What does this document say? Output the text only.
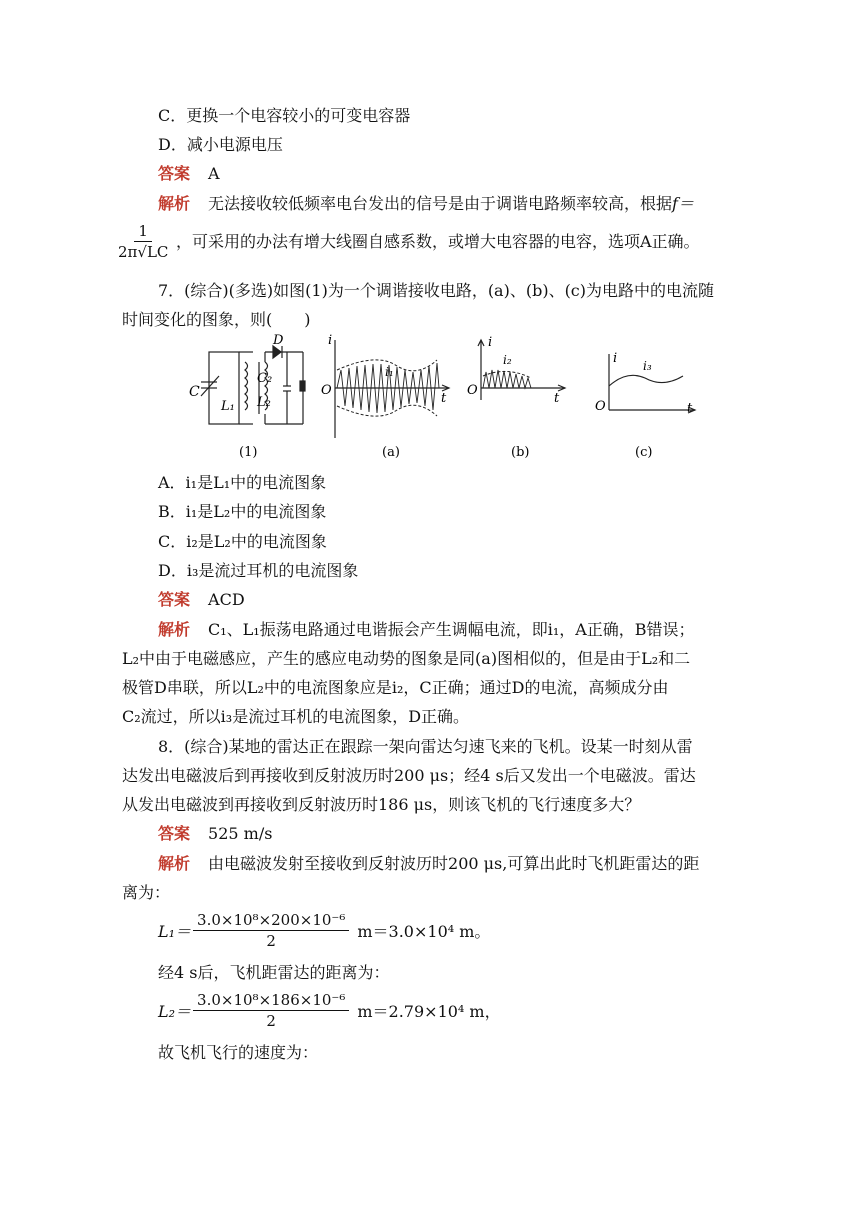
C．更换一个电容较小的可变电容器
D．减小电源电压
答案 A
解析 无法接收较低频率电台发出的信号是由于调谐电路频率较高，根据f＝
$\frac{1}{2\pi√LC}$ ，可采用的办法有增大线圈自感系数，或增大电容器的电容，选项A正确。
7．(综合)(多选)如图(1)为一个调谐接收电路，(a)、(b)、(c)为电路中的电流随
时间变化的图象，则(　　)
C
L₁
C₂
L₂
D
(1)
i
O
t
i₁
(a)
i
O
t
i₂
(b)
i
O	t
i₃
(c)
A．i₁是L₁中的电流图象
B．i₁是L₂中的电流图象
C．i₂是L₂中的电流图象
D．i₃是流过耳机的电流图象
答案 ACD
解析 C₁、L₁振荡电路通过电谐振会产生调幅电流，即i₁，A正确，B错误；
L₂中由于电磁感应，产生的感应电动势的图象是同(a)图相似的，但是由于L₂和二
极管D串联，所以L₂中的电流图象应是i₂，C正确；通过D的电流，高频成分由
C₂流过，所以i₃是流过耳机的电流图象，D正确。
8．(综合)某地的雷达正在跟踪一架向雷达匀速飞来的飞机。设某一时刻从雷
达发出电磁波后到再接收到反射波历时200 μs；经4 s后又发出一个电磁波。雷达
从发出电磁波到再接收到反射波历时186 μs，则该飞机的飞行速度多大？
答案 525 m/s
解析 由电磁波发射至接收到反射波历时200 μs,可算出此时飞机距雷达的距
离为：
$L_1= \frac{\text{3.0×10⁸×200×10⁻⁶}}{2} m=3.0\times 10^4$ m。
经4 s后，飞机距雷达的距离为：
$L_2= \frac{\text{3.0×10⁸×186×10⁻⁶}}{2} m=2.79\times 10^4$ m，
故飞机飞行的速度为：
